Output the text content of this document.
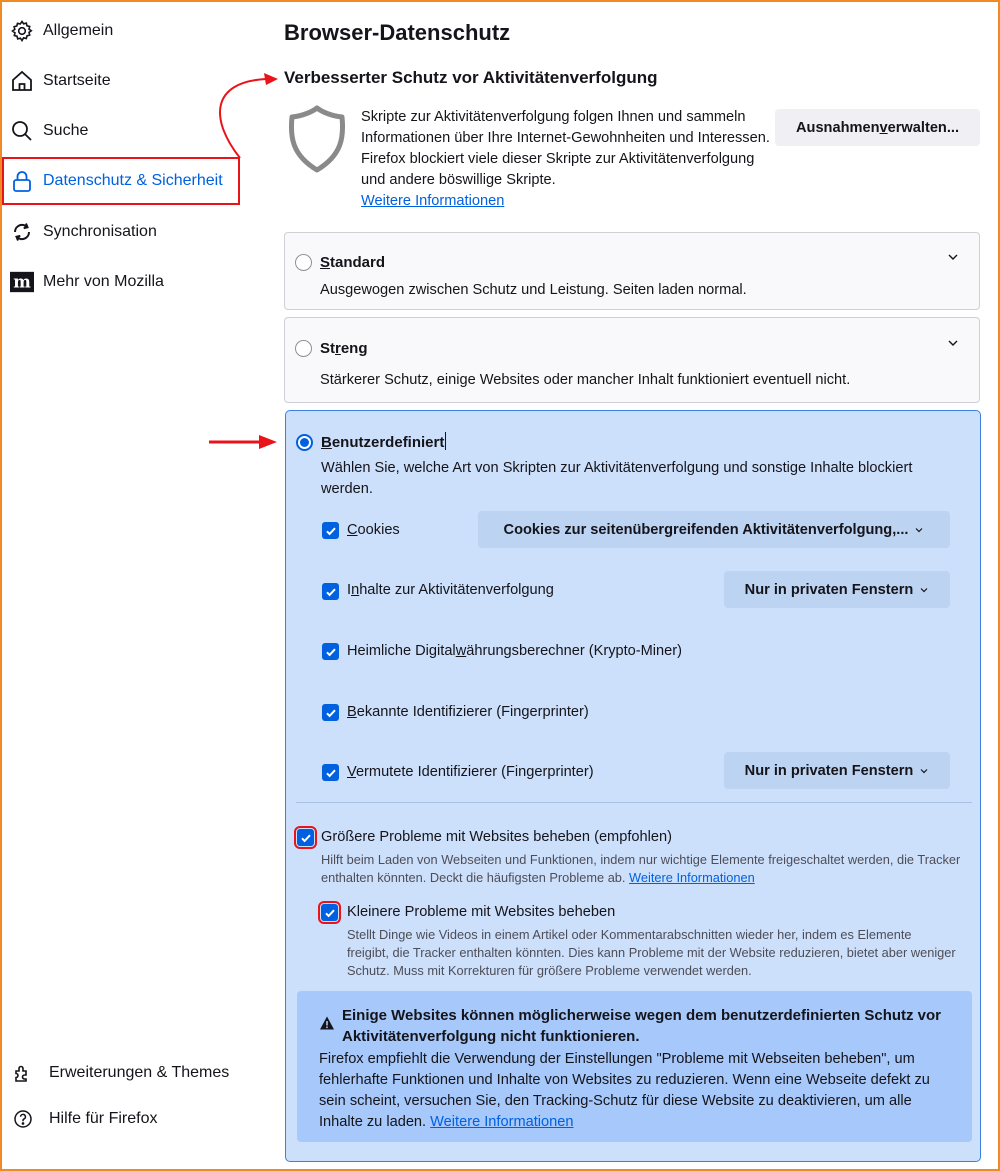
Allgemein
Startseite
Suche
Datenschutz & Sicherheit
Synchronisation
m Mehr von Mozilla
Erweiterungen & Themes
Hilfe für Firefox
Browser-Datenschutz
Verbesserter Schutz vor Aktivitätenverfolgung
Skripte zur Aktivitätenverfolgung folgen Ihnen und sammeln Informationen über Ihre Internet-Gewohnheiten und Interessen. Firefox blockiert viele dieser Skripte zur Aktivitätenverfolgung und andere böswillige Skripte.
Weitere Informationen
Ausnahmen v erwalten...
Standard
Ausgewogen zwischen Schutz und Leistung. Seiten laden normal.
Streng
Stärkerer Schutz, einige Websites oder mancher Inhalt funktioniert eventuell nicht.
Benutzerdefiniert
Wählen Sie, welche Art von Skripten zur Aktivitätenverfolgung und sonstige Inhalte blockiert werden.
Cookies	Cookies zur seitenübergreifenden Aktivitätenverfolgung,...
Inhalte zur Aktivitätenverfolgung	Nur in privaten Fenstern
Heimliche Digitalwährungsberechner (Krypto-Miner)
Bekannte Identifizierer (Fingerprinter)
Vermutete Identifizierer (Fingerprinter)	Nur in privaten Fenstern
Größere Probleme mit Websites beheben (empfohlen)
Hilft beim Laden von Webseiten und Funktionen, indem nur wichtige Elemente freigeschaltet werden, die Tracker enthalten könnten. Deckt die häufigsten Probleme ab. Weitere Informationen
Kleinere Probleme mit Websites beheben
Stellt Dinge wie Videos in einem Artikel oder Kommentarabschnitten wieder her, indem es Elemente freigibt, die Tracker enthalten könnten. Dies kann Probleme mit der Website reduzieren, bietet aber weniger Schutz. Muss mit Korrekturen für größere Probleme verwendet werden.
Einige Websites können möglicherweise wegen dem benutzerdefinierten Schutz vor Aktivitätenverfolgung nicht funktionieren.
Firefox empfiehlt die Verwendung der Einstellungen "Probleme mit Webseiten beheben", um fehlerhafte Funktionen und Inhalte von Websites zu reduzieren. Wenn eine Webseite defekt zu sein scheint, versuchen Sie, den Tracking-Schutz für diese Website zu deaktivieren, um alle Inhalte zu laden. Weitere Informationen
